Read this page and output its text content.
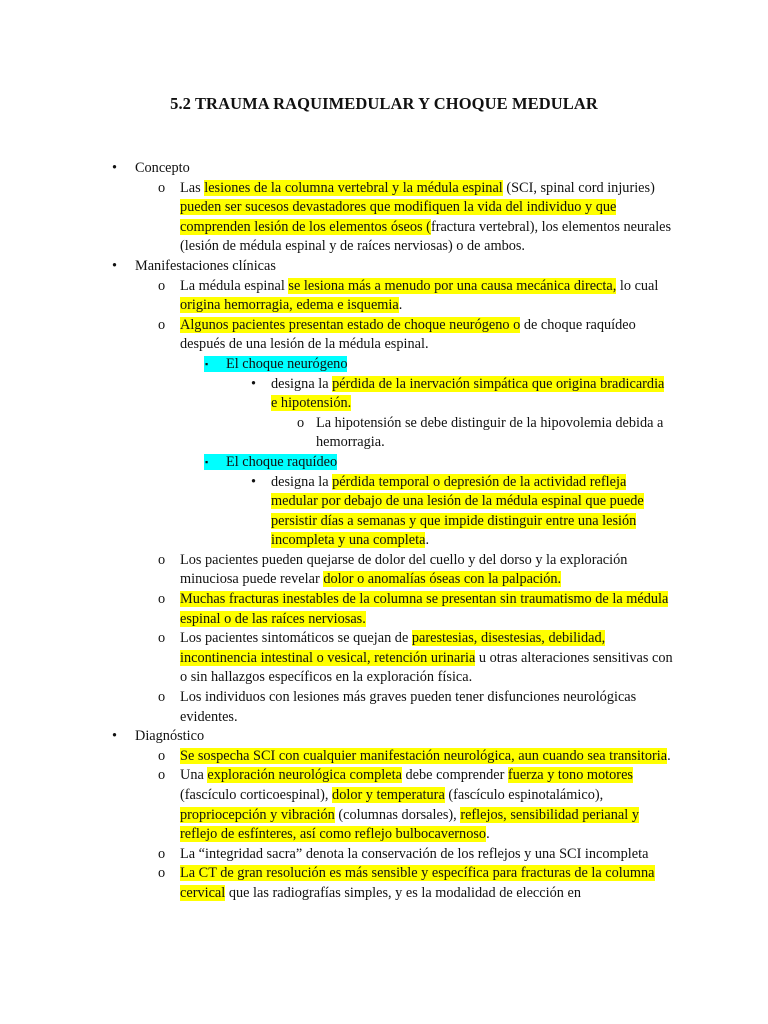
5.2 TRAUMA RAQUIMEDULAR Y CHOQUE MEDULAR
•
Concepto
o
Las lesiones de la columna vertebral y la médula espinal (SCI, spinal cord injuries) pueden ser sucesos devastadores que modifiquen la vida del individuo y que comprenden lesión de los elementos óseos (fractura vertebral), los elementos neurales (lesión de médula espinal y de raíces nerviosas) o de ambos.
•
Manifestaciones clínicas
o
La médula espinal se lesiona más a menudo por una causa mecánica directa, lo cual origina hemorragia, edema e isquemia.
o
Algunos pacientes presentan estado de choque neurógeno o de choque raquídeo después de una lesión de la médula espinal.
▪
El choque neurógeno
•
designa la pérdida de la inervación simpática que origina bradicardia e hipotensión.
o
La hipotensión se debe distinguir de la hipovolemia debida a hemorragia.
▪
El choque raquídeo
•
designa la pérdida temporal o depresión de la actividad refleja medular por debajo de una lesión de la médula espinal que puede persistir días a semanas y que impide distinguir entre una lesión incompleta y una completa.
o
Los pacientes pueden quejarse de dolor del cuello y del dorso y la exploración minuciosa puede revelar dolor o anomalías óseas con la palpación.
o
Muchas fracturas inestables de la columna se presentan sin traumatismo de la médula espinal o de las raíces nerviosas.
o
Los pacientes sintomáticos se quejan de parestesias, disestesias, debilidad, incontinencia intestinal o vesical, retención urinaria u otras alteraciones sensitivas con o sin hallazgos específicos en la exploración física.
o
Los individuos con lesiones más graves pueden tener disfunciones neurológicas evidentes.
•
Diagnóstico
o
Se sospecha SCI con cualquier manifestación neurológica, aun cuando sea transitoria.
o
Una exploración neurológica completa debe comprender fuerza y tono motores (fascículo corticoespinal), dolor y temperatura (fascículo espinotalámico), propriocepción y vibración (columnas dorsales), reflejos, sensibilidad perianal y reflejo de esfínteres, así como reflejo bulbocavernoso.
o
La “integridad sacra” denota la conservación de los reflejos y una SCI incompleta
o
La CT de gran resolución es más sensible y específica para fracturas de la columna cervical que las radiografías simples, y es la modalidad de elección en
